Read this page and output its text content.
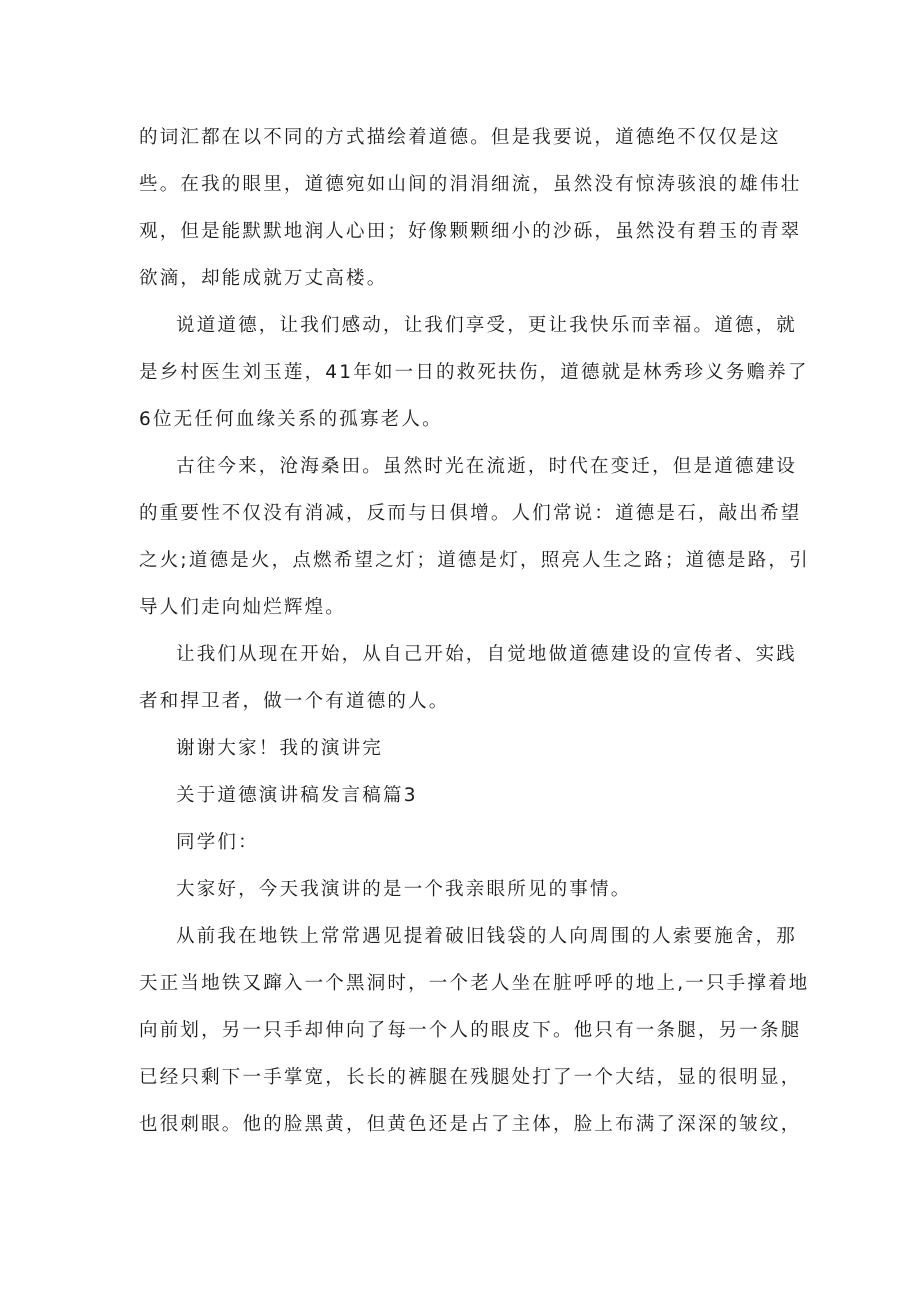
的词汇都在以不同的方式描绘着道德。但是我要说，道德绝不仅仅是这
些。在我的眼里，道德宛如山间的涓涓细流，虽然没有惊涛骇浪的雄伟壮
观，但是能默默地润人心田；好像颗颗细小的沙砾，虽然没有碧玉的青翠
欲滴，却能成就万丈高楼。
说道道德，让我们感动，让我们享受，更让我快乐而幸福。道德，就
是乡村医生刘玉莲，41年如一日的救死扶伤，道德就是林秀珍义务赡养了
6位无任何血缘关系的孤寡老人。
古往今来，沧海桑田。虽然时光在流逝，时代在变迁，但是道德建设
的重要性不仅没有消减，反而与日俱增。人们常说：道德是石，敲出希望
之火;道德是火，点燃希望之灯；道德是灯，照亮人生之路；道德是路，引
导人们走向灿烂辉煌。
让我们从现在开始，从自己开始，自觉地做道德建设的宣传者、实践
者和捍卫者，做一个有道德的人。
谢谢大家！我的演讲完
关于道德演讲稿发言稿篇3
同学们：
大家好，今天我演讲的是一个我亲眼所见的事情。
从前我在地铁上常常遇见提着破旧钱袋的人向周围的人索要施舍，那
天正当地铁又蹿入一个黑洞时，一个老人坐在脏呼呼的地上,一只手撑着地
向前划，另一只手却伸向了每一个人的眼皮下。他只有一条腿，另一条腿
已经只剩下一手掌宽，长长的裤腿在残腿处打了一个大结，显的很明显，
也很刺眼。他的脸黑黄，但黄色还是占了主体，脸上布满了深深的皱纹，
